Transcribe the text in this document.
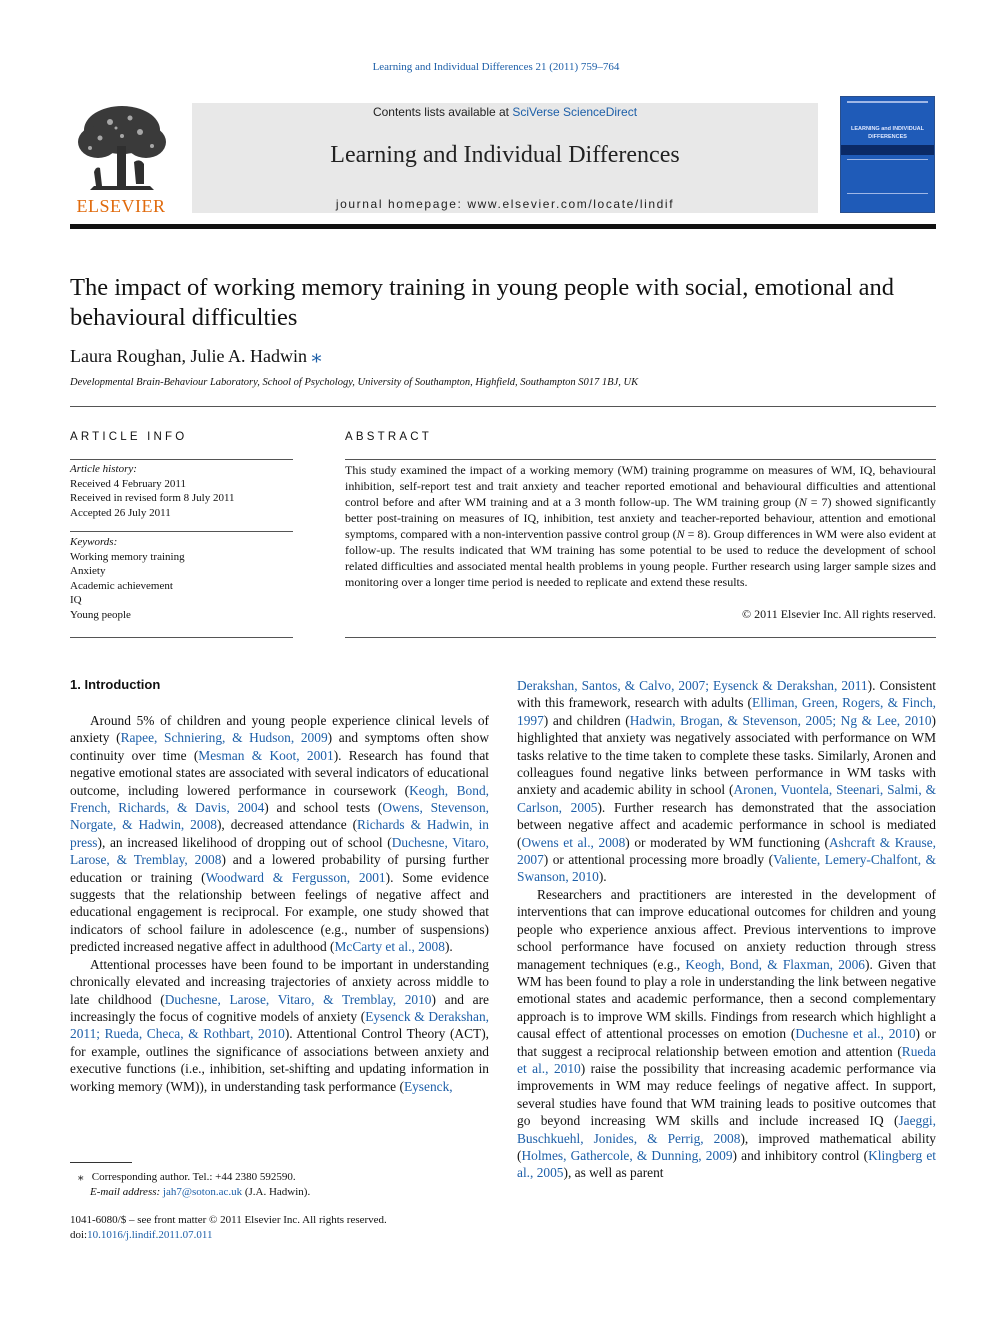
Learning and Individual Differences 21 (2011) 759–764
ELSEVIER
Contents lists available at SciVerse ScienceDirect
Learning and Individual Differences
journal homepage: www.elsevier.com/locate/lindif
LEARNING and INDIVIDUAL DIFFERENCES
The impact of working memory training in young people with social, emotional and behavioural difficulties
Laura Roughan, Julie A. Hadwin ⁎
Developmental Brain-Behaviour Laboratory, School of Psychology, University of Southampton, Highfield, Southampton S017 1BJ, UK
ARTICLE INFO	ABSTRACT
Article history:
Received 4 February 2011
Received in revised form 8 July 2011
Accepted 26 July 2011
Keywords:
Working memory training
Anxiety
Academic achievement
IQ
Young people
This study examined the impact of a working memory (WM) training programme on measures of WM, IQ, behavioural inhibition, self-report test and trait anxiety and teacher reported emotional and behavioural difficulties and attentional control before and after WM training and at a 3 month follow-up. The WM training group (N = 7) showed significantly better post-training on measures of IQ, inhibition, test anxiety and teacher-reported behaviour, attention and emotional symptoms, compared with a non-intervention passive control group (N = 8). Group differences in WM were also evident at follow-up. The results indicated that WM training has some potential to be used to reduce the development of school related difficulties and associated mental health problems in young people. Further research using larger sample sizes and monitoring over a longer time period is needed to replicate and extend these results.
© 2011 Elsevier Inc. All rights reserved.
1. Introduction

Around 5% of children and young people experience clinical levels of anxiety (Rapee, Schniering, & Hudson, 2009) and symptoms often show continuity over time (Mesman & Koot, 2001). Research has found that negative emotional states are associated with several indicators of educational outcome, including lowered performance in coursework (Keogh, Bond, French, Richards, & Davis, 2004) and school tests (Owens, Stevenson, Norgate, & Hadwin, 2008), decreased attendance (Richards & Hadwin, in press), an increased likelihood of dropping out of school (Duchesne, Vitaro, Larose, & Tremblay, 2008) and a lowered probability of pursing further education or training (Woodward & Fergusson, 2001). Some evidence suggests that the relationship between feelings of negative affect and educational engagement is reciprocal. For example, one study showed that indicators of school failure in adolescence (e.g., number of suspensions) predicted increased negative affect in adulthood (McCarty et al., 2008).

Attentional processes have been found to be important in understanding chronically elevated and increasing trajectories of anxiety across middle to late childhood (Duchesne, Larose, Vitaro, & Tremblay, 2010) and are increasingly the focus of cognitive models of anxiety (Eysenck & Derakshan, 2011; Rueda, Checa, & Rothbart, 2010). Attentional Control Theory (ACT), for example, outlines the significance of associations between anxiety and executive functions (i.e., inhibition, set-shifting and updating information in working memory (WM)), in understanding task performance (Eysenck,

Derakshan, Santos, & Calvo, 2007; Eysenck & Derakshan, 2011). Consistent with this framework, research with adults (Elliman, Green, Rogers, & Finch, 1997) and children (Hadwin, Brogan, & Stevenson, 2005; Ng & Lee, 2010) highlighted that anxiety was negatively associated with performance on WM tasks relative to the time taken to complete these tasks. Similarly, Aronen and colleagues found negative links between performance in WM tasks with anxiety and academic ability in school (Aronen, Vuontela, Steenari, Salmi, & Carlson, 2005). Further research has demonstrated that the association between negative affect and academic performance in school is mediated (Owens et al., 2008) or moderated by WM functioning (Ashcraft & Krause, 2007) or attentional processing more broadly (Valiente, Lemery-Chalfont, & Swanson, 2010).

Researchers and practitioners are interested in the development of interventions that can improve educational outcomes for children and young people who experience anxious affect. Previous interventions to improve school performance have focused on anxiety reduction through stress management techniques (e.g., Keogh, Bond, & Flaxman, 2006). Given that WM has been found to play a role in understanding the link between negative emotional states and academic performance, then a second complementary approach is to improve WM skills. Findings from research which highlight a causal effect of attentional processes on emotion (Duchesne et al., 2010) or that suggest a reciprocal relationship between emotion and attention (Rueda et al., 2010) raise the possibility that increasing academic performance via improvements in WM may reduce feelings of negative affect. In support, several studies have found that WM training leads to positive outcomes that go beyond increasing WM skills and include increased IQ (Jaeggi, Buschkuehl, Jonides, & Perrig, 2008), improved mathematical ability (Holmes, Gathercole, & Dunning, 2009) and inhibitory control (Klingberg et al., 2005), as well as parent

⁎ Corresponding author. Tel.: +44 2380 592590.
E-mail address: jah7@soton.ac.uk (J.A. Hadwin).
1041-6080/$ – see front matter © 2011 Elsevier Inc. All rights reserved.
doi:10.1016/j.lindif.2011.07.011
